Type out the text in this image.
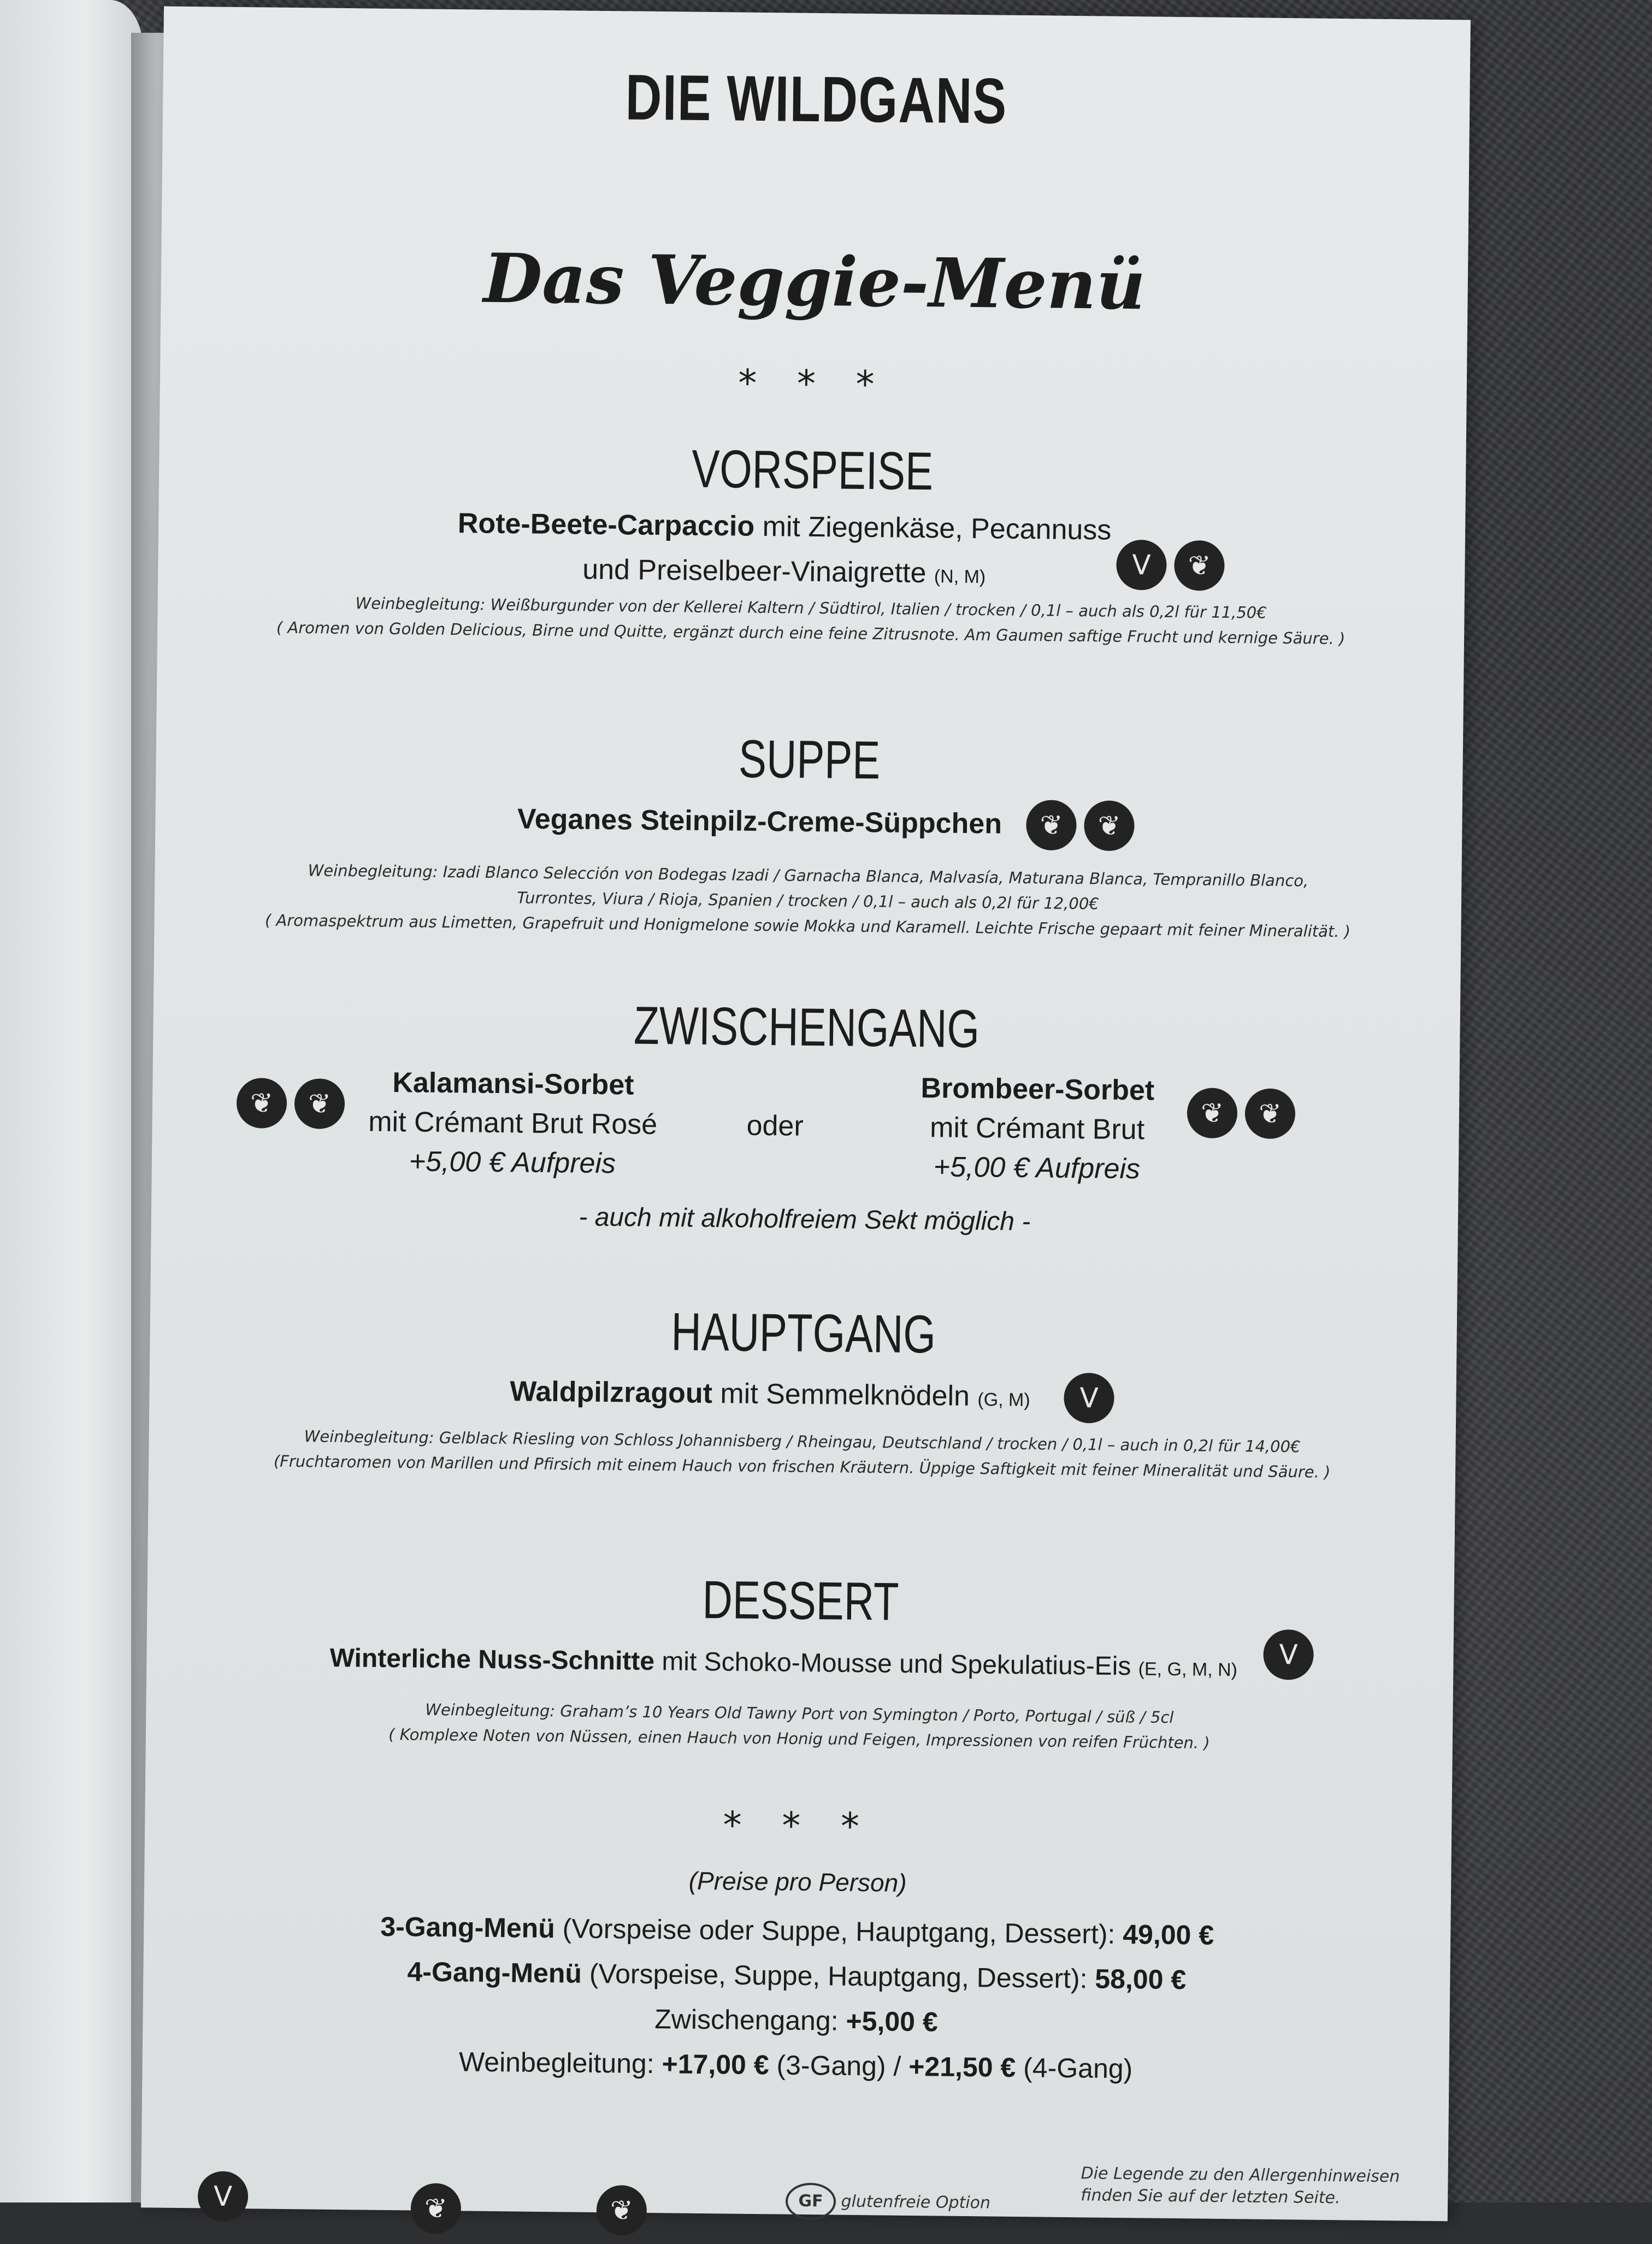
DIE WILDGANS
Das Veggie-Menü
* * *
VORSPEISE
Rote-Beete-Carpaccio mit Ziegenkäse, Pecannuss
und Preiselbeer-Vinaigrette (N, M)	V ❦
Weinbegleitung: Weißburgunder von der Kellerei Kaltern / Südtirol, Italien / trocken / 0,1l – auch als 0,2l für 11,50€
( Aromen von Golden Delicious, Birne und Quitte, ergänzt durch eine feine Zitrusnote. Am Gaumen saftige Frucht und kernige Säure. )
SUPPE
Veganes Steinpilz-Creme-Süppchen	❦ ❦
Weinbegleitung: Izadi Blanco Selección von Bodegas Izadi / Garnacha Blanca, Malvasía, Maturana Blanca, Tempranillo Blanco,
Turrontes, Viura / Rioja, Spanien / trocken / 0,1l – auch als 0,2l für 12,00€
( Aromaspektrum aus Limetten, Grapefruit und Honigmelone sowie Mokka und Karamell. Leichte Frische gepaart mit feiner Mineralität. )
ZWISCHENGANG
❦ ❦
Kalamansi-Sorbet
mit Crémant Brut Rosé
+5,00 € Aufpreis
oder
Brombeer-Sorbet
mit Crémant Brut
+5,00 € Aufpreis
❦ ❦
- auch mit alkoholfreiem Sekt möglich -
HAUPTGANG
Waldpilzragout mit Semmelknödeln (G, M)	V
Weinbegleitung: Gelblack Riesling von Schloss Johannisberg / Rheingau, Deutschland / trocken / 0,1l – auch in 0,2l für 14,00€
(Fruchtaromen von Marillen und Pfirsich mit einem Hauch von frischen Kräutern. Üppige Saftigkeit mit feiner Mineralität und Säure. )
DESSERT
Winterliche Nuss-Schnitte mit Schoko-Mousse und Spekulatius-Eis (E, G, M, N)	V
Weinbegleitung: Graham’s 10 Years Old Tawny Port von Symington / Porto, Portugal / süß / 5cl
( Komplexe Noten von Nüssen, einen Hauch von Honig und Feigen, Impressionen von reifen Früchten. )
* * *
(Preise pro Person)
3-Gang-Menü (Vorspeise oder Suppe, Hauptgang, Dessert): 49,00 €
4-Gang-Menü (Vorspeise, Suppe, Hauptgang, Dessert): 58,00 €
Zwischengang: +5,00 €
Weinbegleitung: +17,00 € (3-Gang) / +21,50 € (4-Gang)
V	❦	❦	GF glutenfreie Option
Die Legende zu den Allergenhinweisen
finden Sie auf der letzten Seite.
